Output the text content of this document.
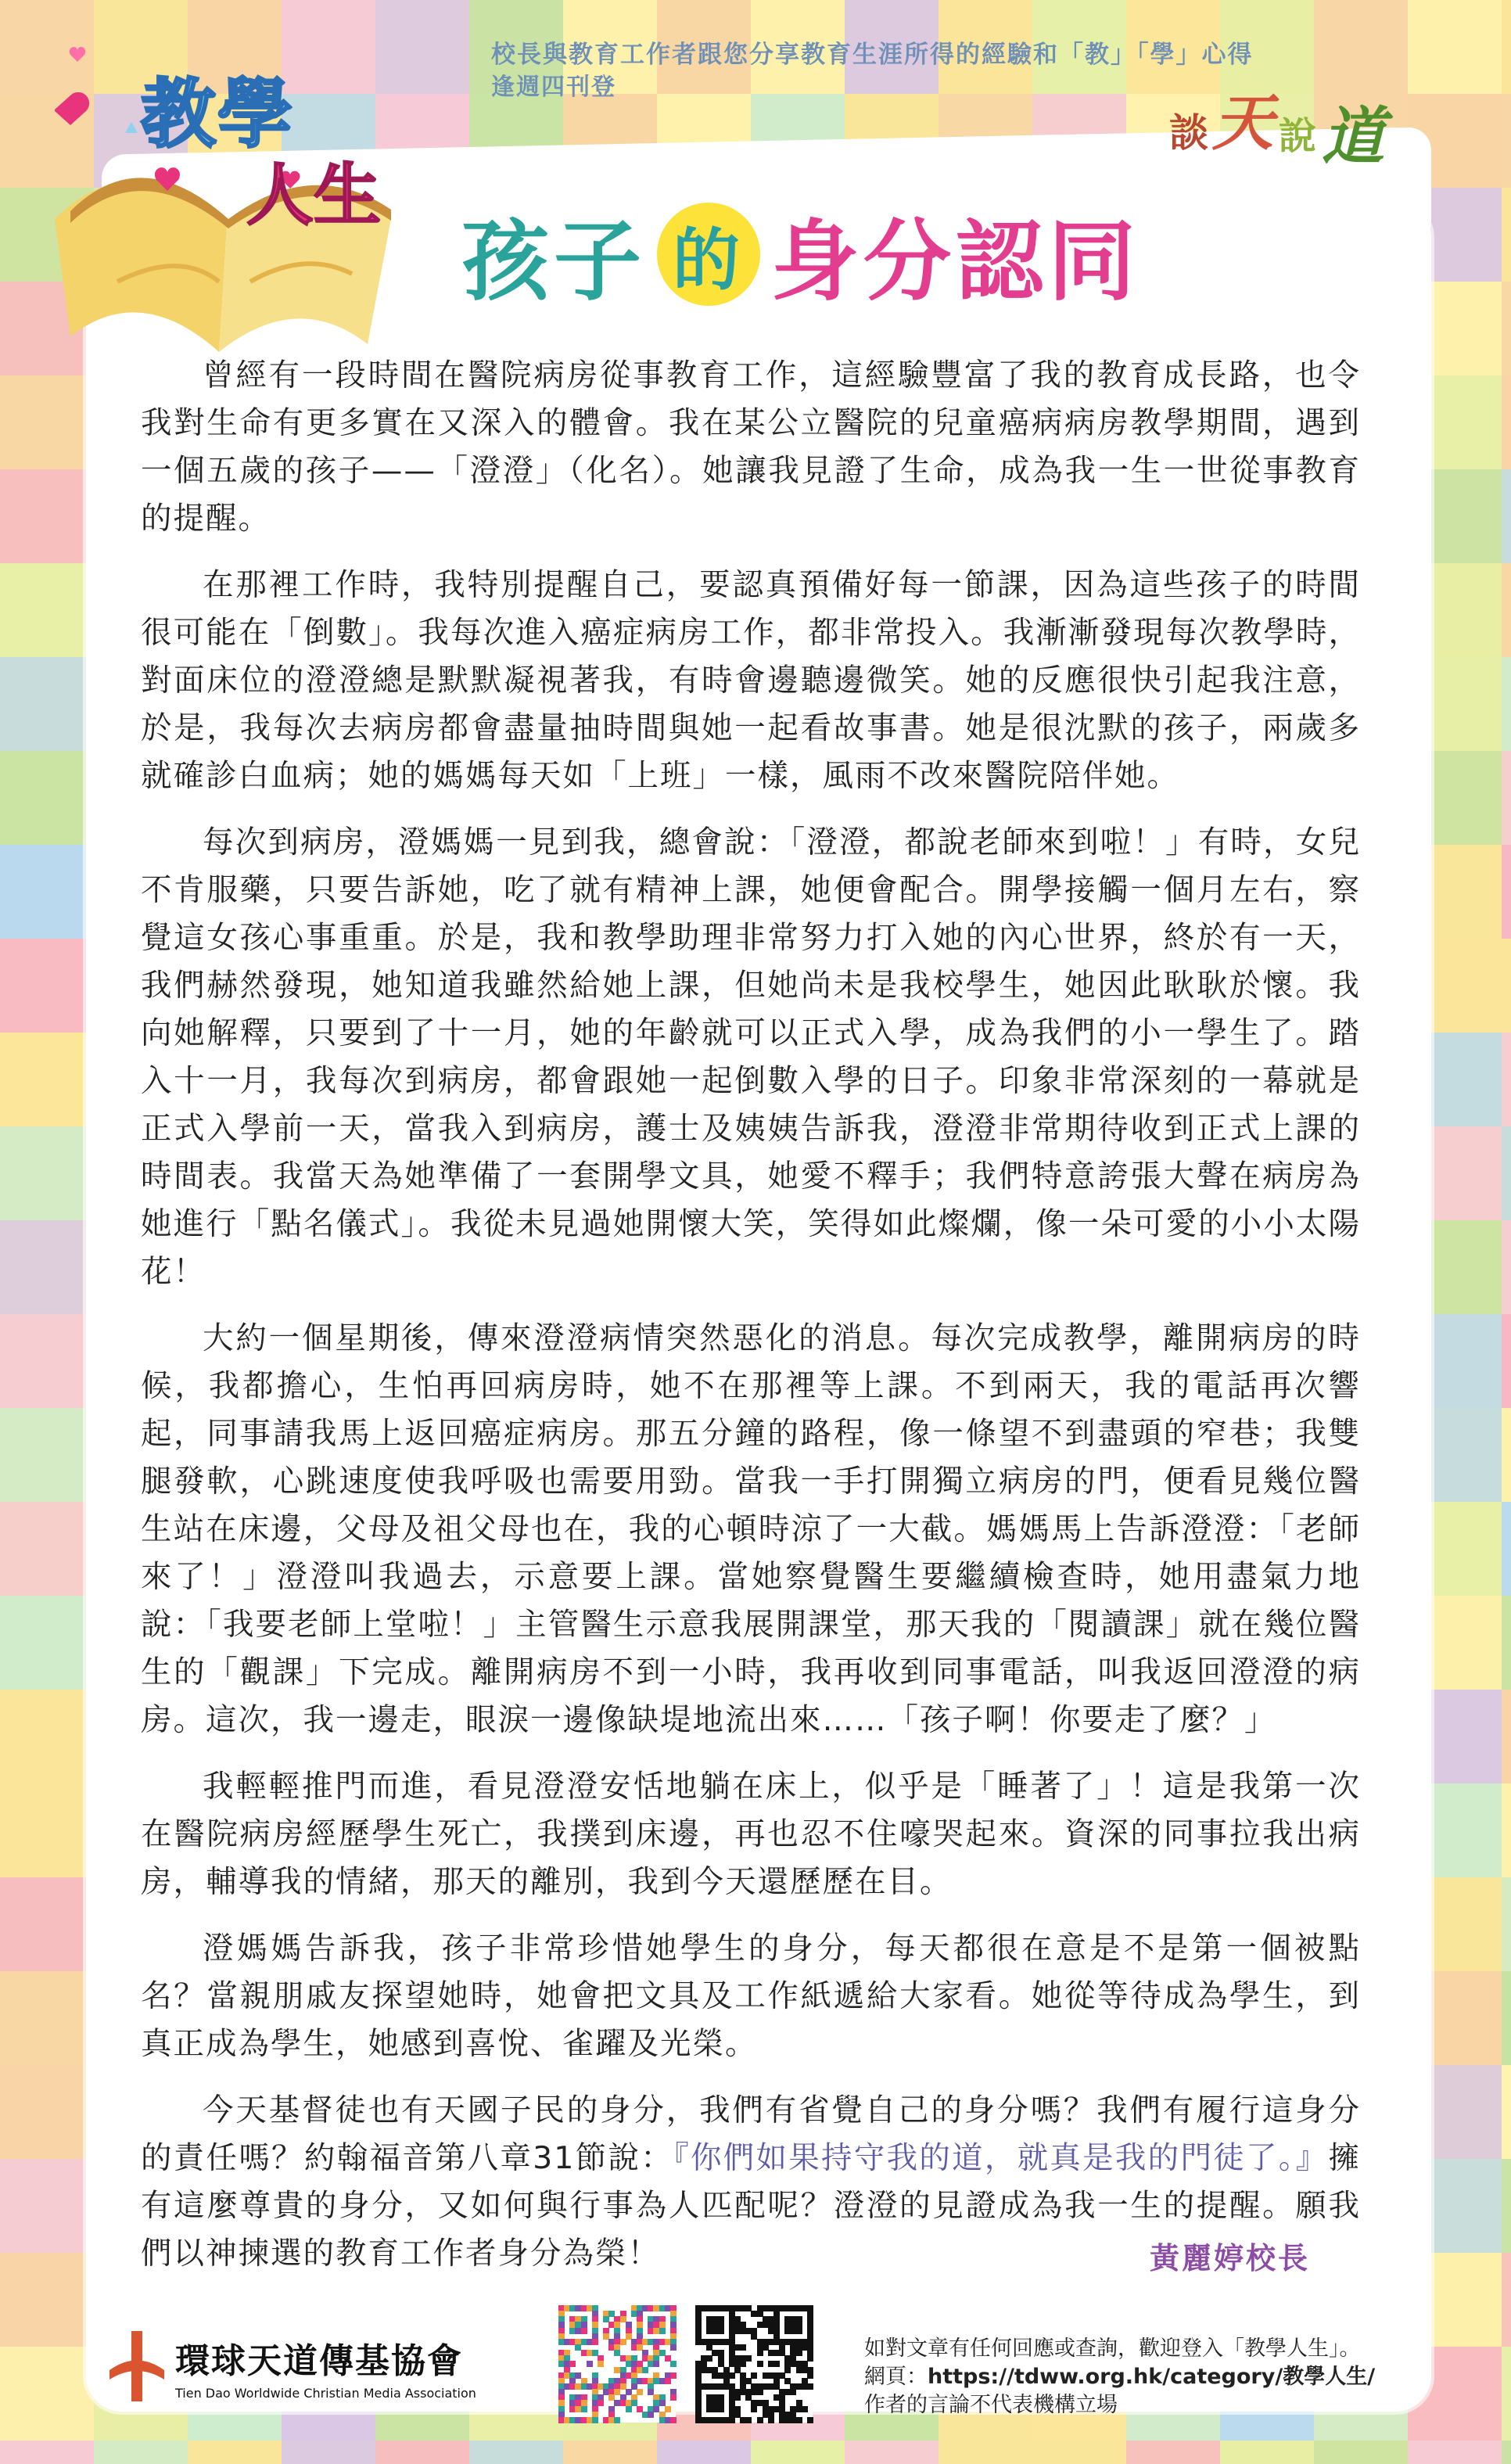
教學
人生
校長與教育工作者跟您分享教育生涯所得的經驗和「教」「學」心得
逢週四刊登
談 天 說 道
孩子 的 身分認同

曾經有一段時間在醫院病房從事教育工作，這經驗豐富了我的教育成長路，也令我對生命有更多實在又深入的體會。我在某公立醫院的兒童癌病病房教學期間，遇到一個五歲的孩子——「澄澄」（化名）。她讓我見證了生命，成為我一生一世從事教育的提醒。

在那裡工作時，我特別提醒自己，要認真預備好每一節課，因為這些孩子的時間很可能在「倒數」。我每次進入癌症病房工作，都非常投入。我漸漸發現每次教學時，對面床位的澄澄總是默默凝視著我，有時會邊聽邊微笑。她的反應很快引起我注意，於是，我每次去病房都會盡量抽時間與她一起看故事書。她是很沈默的孩子，兩歲多就確診白血病；她的媽媽每天如「上班」一樣，風雨不改來醫院陪伴她。

每次到病房，澄媽媽一見到我，總會說：「澄澄，都說老師來到啦！」有時，女兒不肯服藥，只要告訴她，吃了就有精神上課，她便會配合。開學接觸一個月左右，察覺這女孩心事重重。於是，我和教學助理非常努力打入她的內心世界，終於有一天，我們赫然發現，她知道我雖然給她上課，但她尚未是我校學生，她因此耿耿於懷。我向她解釋，只要到了十一月，她的年齡就可以正式入學，成為我們的小一學生了。踏入十一月，我每次到病房，都會跟她一起倒數入學的日子。印象非常深刻的一幕就是正式入學前一天，當我入到病房，護士及姨姨告訴我，澄澄非常期待收到正式上課的時間表。我當天為她準備了一套開學文具，她愛不釋手；我們特意誇張大聲在病房為她進行「點名儀式」。我從未見過她開懷大笑，笑得如此燦爛，像一朵可愛的小小太陽花！

大約一個星期後，傳來澄澄病情突然惡化的消息。每次完成教學，離開病房的時候，我都擔心，生怕再回病房時，她不在那裡等上課。不到兩天，我的電話再次響起，同事請我馬上返回癌症病房。那五分鐘的路程，像一條望不到盡頭的窄巷；我雙腿發軟，心跳速度使我呼吸也需要用勁。當我一手打開獨立病房的門，便看見幾位醫生站在床邊，父母及祖父母也在，我的心頓時涼了一大截。媽媽馬上告訴澄澄：「老師來了！」澄澄叫我過去，示意要上課。當她察覺醫生要繼續檢查時，她用盡氣力地說：「我要老師上堂啦！」主管醫生示意我展開課堂，那天我的「閱讀課」就在幾位醫生的「觀課」下完成。離開病房不到一小時，我再收到同事電話，叫我返回澄澄的病房。這次，我一邊走，眼淚一邊像缺堤地流出來……「孩子啊！你要走了麼？」

我輕輕推門而進，看見澄澄安恬地躺在床上，似乎是「睡著了」！這是我第一次在醫院病房經歷學生死亡，我撲到床邊，再也忍不住嚎哭起來。資深的同事拉我出病房，輔導我的情緒，那天的離別，我到今天還歷歷在目。

澄媽媽告訴我，孩子非常珍惜她學生的身分，每天都很在意是不是第一個被點名？當親朋戚友探望她時，她會把文具及工作紙遞給大家看。她從等待成為學生，到真正成為學生，她感到喜悅、雀躍及光榮。

今天基督徒也有天國子民的身分，我們有省覺自己的身分嗎？我們有履行這身分的責任嗎？約翰福音第八章31節說：『你們如果持守我的道，就真是我的門徒了。』擁有這麼尊貴的身分，又如何與行事為人匹配呢？澄澄的見證成為我一生的提醒。願我們以神揀選的教育工作者身分為榮！	黃麗婷校長
環球天道傳基協會
Tien Dao Worldwide Christian Media Association
如對文章有任何回應或查詢，歡迎登入「教學人生」。
網頁：https://tdww.org.hk/category/教學人生/
作者的言論不代表機構立場
